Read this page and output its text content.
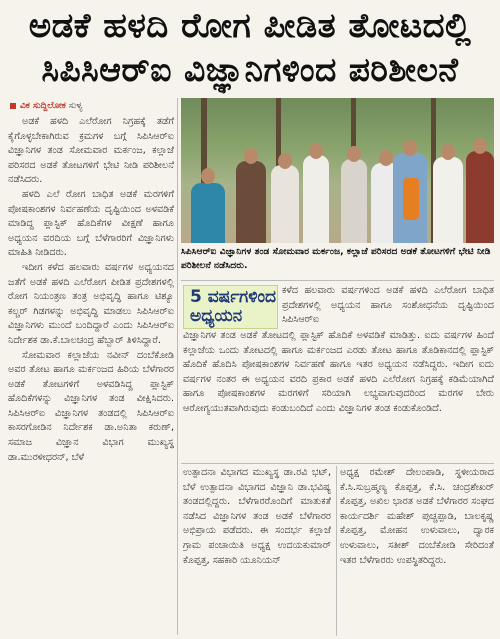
ಅಡಕೆ ಹಳದಿ ರೋಗ ಪೀಡಿತ ತೋಟದಲ್ಲಿ
ಸಿಪಿಸಿಆರ್‌ಐ ವಿಜ್ಞಾನಿಗಳಿಂದ ಪರಿಶೀಲನೆ
ವಿಕ ಸುದ್ದಿಲೋಕ ಸುಳ್ಯ

ಅಡಕೆ ಹಳದಿ ಎಲೆರೋಗ ನಿಗ್ರಹಕ್ಕೆ ತಡೆಗೆ ಕೈಗೊಳ್ಳಬೇಕಾಗಿರುವ ಕ್ರಮಗಳ ಬಗ್ಗೆ ಸಿಪಿಸಿಆರ್‌ಐ ವಿಜ್ಞಾನಿಗಳ ತಂಡ ಸೋಮವಾರ ಮರ್ಕಂಜ, ಕಲ್ಲಾಜೆ ಪರಿಸರದ ಅಡಕೆ ತೋಟಗಳಿಗೆ ಭೇಟಿ ನೀಡಿ ಪರಿಶೀಲನೆ ನಡೆಸಿದರು.

ಹಳದಿ ಎಲೆ ರೋಗ ಬಾಧಿತ ಅಡಕೆ ಮರಗಳಿಗೆ ಪೋಷಕಾಂಶಗಳ ನಿರ್ವಹಣೆಯ ದೃಷ್ಟಿಯಿಂದ ಅಳವಡಿಕೆ ಮಾಡಿದ್ದ ಪ್ಲಾಸ್ಟಿಕ್ ಹೊದಿಕೆಗಳ ವೀಕ್ಷಣೆ ಹಾಗೂ ಅಧ್ಯಯನ ವರದಿಯ ಬಗ್ಗೆ ಬೆಳೆಗಾರರಿಗೆ ವಿಜ್ಞಾನಿಗಳು ಮಾಹಿತಿ ನೀಡಿದರು.

ಇದೀಗ ಕಳೆದ ಹಲವಾರು ವರ್ಷಗಳ ಅಧ್ಯಯನದ ಜತೆಗೆ ಅಡಕೆ ಹಳದಿ ಎಲೆರೋಗ ಪೀಡಿತ ಪ್ರದೇಶಗಳಲ್ಲಿ ರೋಗ ನಿಯಂತ್ರಣ ತಂತ್ರ ಅಭಿವೃದ್ಧಿ ಹಾಗೂ ಟಿಶ್ಯೂ ಕಲ್ಚರ್ ಗಿಡಗಳನ್ನು ಅಭಿವೃದ್ಧಿ ಮಾಡಲು ಸಿಪಿಸಿಆರ್‌ಐ ವಿಜ್ಞಾನಿಗಳು ಮುಂದೆ ಬಂದಿದ್ದಾರೆ ಎಂದು ಸಿಪಿಸಿಆರ್‌ಐ ನಿರ್ದೇಶಕ ಡಾ.ಕೆ.ಬಾಲಚಂದ್ರ ಹೆಬ್ಬಾರ್ ತಿಳಿಸಿದ್ದಾರೆ.

ಸೋಮವಾರ ಕಲ್ಲಾಜೆಯ ನವೀನ್ ದಂಬೆಕೋಡಿ ಅವರ ತೋಟ ಹಾಗೂ ಮರ್ಕಂಜದ ಹಿರಿಯ ಬೆಳೆಗಾರರ ಅಡಕೆ ತೋಟಗಳಿಗೆ ಅಳವಡಿಸಿದ್ದ ಪ್ಲಾಸ್ಟಿಕ್ ಹೊದಿಕೆಗಳನ್ನು ವಿಜ್ಞಾನಿಗಳ ತಂಡ ವೀಕ್ಷಿಸಿದರು. ಸಿಪಿಸಿಆರ್‌ಐ ವಿಜ್ಞಾನಿಗಳ ತಂಡದಲ್ಲಿ ಸಿಪಿಸಿಆರ್‌ಐ ಕಾಸರಗೋಡಿನ ನಿರ್ದೇಶಕ ಡಾ.ಅನಿತಾ ಕರುಣ್, ಸಮಾಜ ವಿಜ್ಞಾನ ವಿಭಾಗ ಮುಖ್ಯಸ್ಥ ಡಾ.ಮುರಳೀಧರನ್, ಬೆಳೆ

ಸಿಪಿಸಿಆರ್‌ಐ ವಿಜ್ಞಾನಿಗಳ ತಂಡ ಸೋಮವಾರ ಮರ್ಕಂಜ, ಕಲ್ಲಾಜೆ ಪರಿಸರದ ಅಡಕೆ ತೋಟಗಳಿಗೆ ಭೇಟಿ ನೀಡಿ ಪರಿಶೀಲನೆ ನಡೆಸಿದರು.
5 ವರ್ಷಗಳಿಂದ
ಅಧ್ಯಯನ

ಕಳೆದ ಹಲವಾರು ವರ್ಷಗಳಿಂದ ಅಡಕೆ ಹಳದಿ ಎಲೆರೋಗ ಬಾಧಿತ ಪ್ರದೇಶಗಳಲ್ಲಿ ಅಧ್ಯಯನ ಹಾಗೂ ಸಂಶೋಧನೆಯ ದೃಷ್ಟಿಯಿಂದ ಸಿಪಿಸಿಆರ್‌ಐ

ವಿಜ್ಞಾನಿಗಳ ತಂಡ ಅಡಕೆ ತೋಟದಲ್ಲಿ ಪ್ಲಾಸ್ಟಿಕ್ ಹೊದಿಕೆ ಅಳವಡಿಕೆ ಮಾಡಿತ್ತು. ಐದು ವರ್ಷಗಳ ಹಿಂದೆ ಕಲ್ಲಾಜೆಯ ಒಂದು ತೋಟದಲ್ಲಿ ಹಾಗೂ ಮರ್ಕಂಜದ ಎರಡು ತೋಟ ಹಾಗೂ ತೊಡಿಕಾನದಲ್ಲಿ ಪ್ಲಾಸ್ಟಿಕ್ ಹೊದಿಕೆ ಹೊದಿಸಿ ಪೋಷಕಾಂಶಗಳ ನಿರ್ವಹಣೆ ಹಾಗೂ ಇತರ ಅಧ್ಯಯನ ನಡೆಸಿದ್ದರು. ಇದೀಗ ಐದು ವರ್ಷಗಳ ನಂತರ ಈ ಅಧ್ಯಯನ ವರದಿ ಪ್ರಕಾರ ಅಡಕೆ ಹಳದಿ ಎಲೆರೋಗ ನಿಗ್ರಹಕ್ಕೆ ಕಡಿಮೆಯಾಗಿದೆ ಹಾಗೂ ಪೋಷಕಾಂಶಗಳ ಮರಗಳಿಗೆ ಸರಿಯಾಗಿ ಲಭ್ಯವಾಗುವುದರಿಂದ ಮರಗಳ ಬೇರು ಆರೋಗ್ಯಯುತವಾಗಿರುವುದು ಕಂಡುಬಂದಿದೆ ಎಂದು ವಿಜ್ಞಾನಿಗಳ ತಂಡ ಕಂಡುಕೊಂಡಿದೆ.

ಉತ್ಪಾದನಾ ವಿಭಾಗದ ಮುಖ್ಯಸ್ಥ ಡಾ.ರವಿ ಭಟ್, ಬೆಳೆ ಉತ್ಪಾದನಾ ವಿಭಾಗದ ವಿಜ್ಞಾನಿ ಡಾ.ಭವಿಷ್ಯ ತಂಡದಲ್ಲಿದ್ದರು. ಬೆಳೆಗಾರರೊಂದಿಗೆ ಮಾತುಕತೆ ನಡೆಸಿದ ವಿಜ್ಞಾನಿಗಳ ತಂಡ ಅಡಕೆ ಬೆಳೆಗಾರರ ಅಭಿಪ್ರಾಯ ಪಡೆದರು. ಈ ಸಂದರ್ಭ ಕಲ್ಲಾಜೆ ಗ್ರಾಮ ಪಂಚಾಯಿತಿ ಅಧ್ಯಕ್ಷ ಉದಯಕುಮಾರ್ ಕೊಪ್ಪತ್ತ, ಸಹಕಾರಿ ಯೂನಿಯನ್

ಅಧ್ಯಕ್ಷ ರಮೇಶ್ ದೇಲಂಪಾಡಿ, ಸ್ಥಳೀಯರಾದ ಕೆ.ಸಿ.ಸುಬ್ರಹ್ಮಣ್ಯ ಕೊಪ್ಪತ್ತ, ಕೆ.ಸಿ. ಚಂದ್ರಶೇಖರ್ ಕೊಪ್ಪತ್ತ, ಅಖಿಲ ಭಾರತ ಅಡಕೆ ಬೆಳೆಗಾರರ ಸಂಘದ ಕಾರ್ಯದರ್ಶಿ ಮಹೇಶ್ ಪುಚ್ಚಪ್ಪಾಡಿ, ಬಾಲಕೃಷ್ಣ ಕೊಪ್ಪತ್ತ, ಮೋಹನ ಉಳುವಾಲು, ದ್ವಾರಕ ಉಳುವಾಲು, ಸತೀಶ್ ದಂಬೆಕೋಡಿ ಸೇರಿದಂತೆ ಇತರ ಬೆಳೆಗಾರರು ಉಪಸ್ಥಿತರಿದ್ದರು.
